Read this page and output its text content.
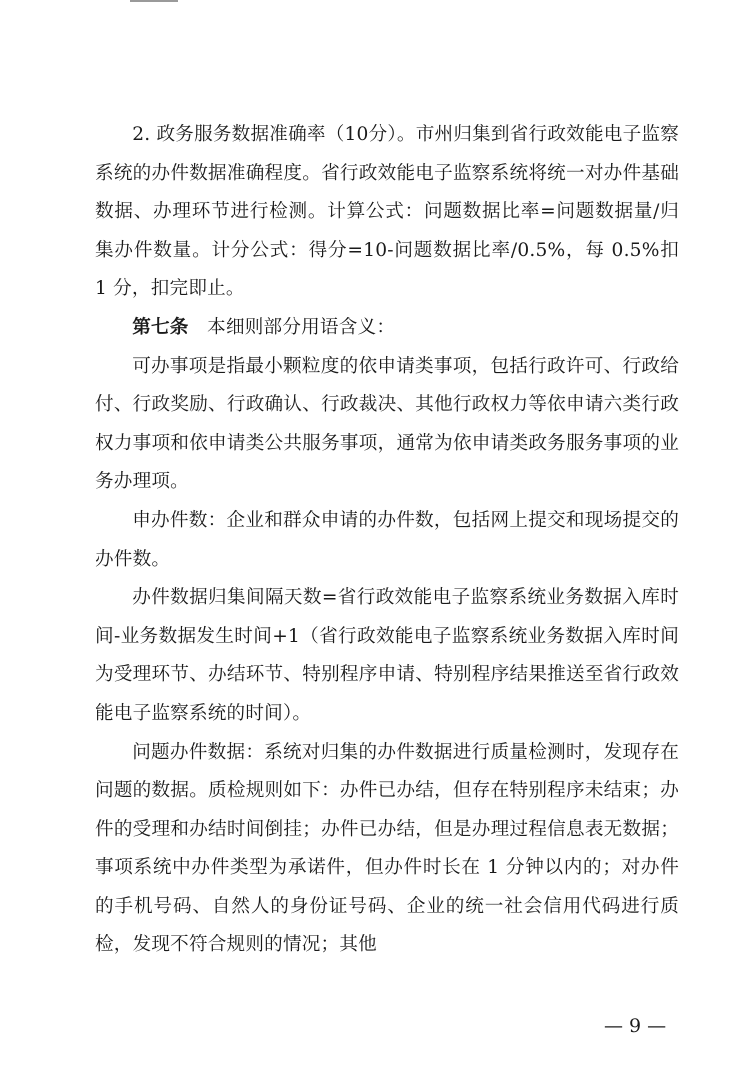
2. 政务服务数据准确率（10分）。市州归集到省行政效能电子监察系统的办件数据准确程度。省行政效能电子监察系统将统一对办件基础数据、办理环节进行检测。计算公式：问题数据比率=问题数据量/归集办件数量。计分公式：得分=10-问题数据比率/0.5%，每 0.5%扣 1 分，扣完即止。

第七条 本细则部分用语含义：

可办事项是指最小颗粒度的依申请类事项，包括行政许可、行政给付、行政奖励、行政确认、行政裁决、其他行政权力等依申请六类行政权力事项和依申请类公共服务事项，通常为依申请类政务服务事项的业务办理项。

申办件数：企业和群众申请的办件数，包括网上提交和现场提交的办件数。

办件数据归集间隔天数=省行政效能电子监察系统业务数据入库时间-业务数据发生时间+1（省行政效能电子监察系统业务数据入库时间为受理环节、办结环节、特别程序申请、特别程序结果推送至省行政效能电子监察系统的时间）。

问题办件数据：系统对归集的办件数据进行质量检测时，发现存在问题的数据。质检规则如下：办件已办结，但存在特别程序未结束；办件的受理和办结时间倒挂；办件已办结，但是办理过程信息表无数据；事项系统中办件类型为承诺件，但办件时长在 1 分钟以内的；对办件的手机号码、自然人的身份证号码、企业的统一社会信用代码进行质检，发现不符合规则的情况；其他

— 9 —
